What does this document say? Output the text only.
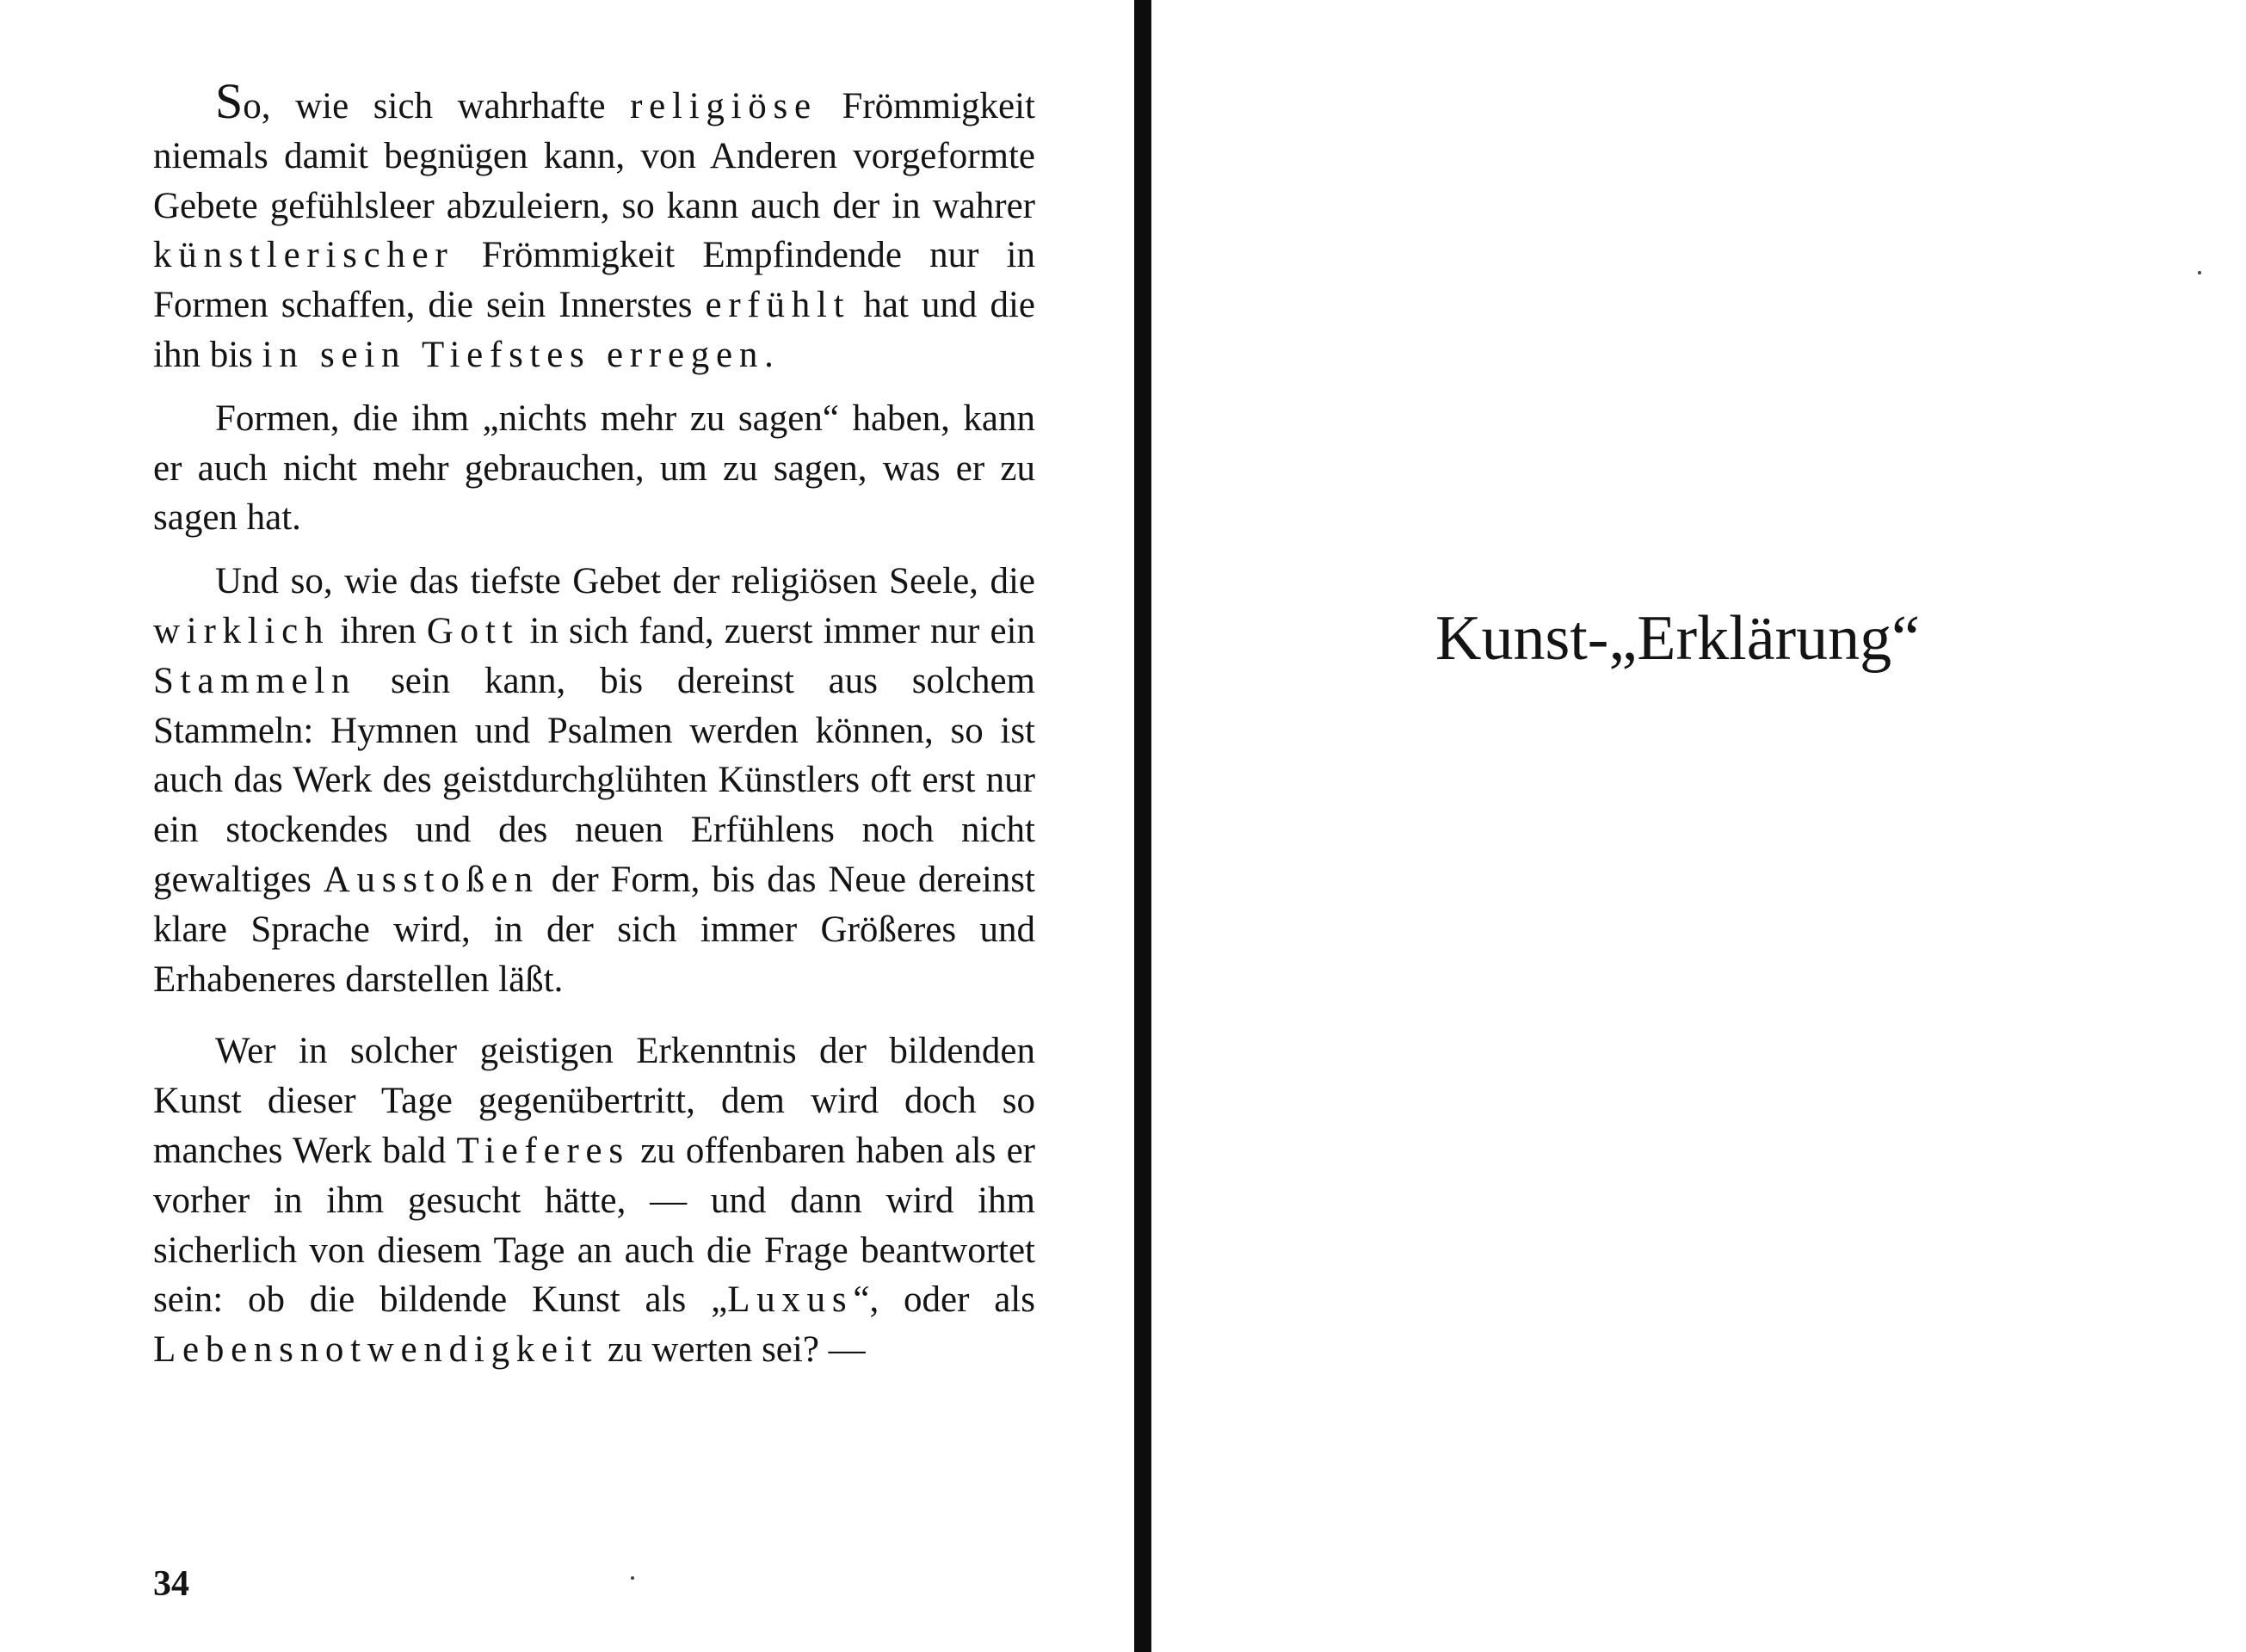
So, wie sich wahrhafte religiöse Frömmigkeit niemals damit begnügen kann, von Anderen vorgeformte Gebete gefühlsleer abzuleiern, so kann auch der in wahrer künstlerischer Frömmigkeit Empfindende nur in Formen schaffen, die sein Innerstes erfühlt hat und die ihn bis in sein Tiefstes erregen.

Formen, die ihm „nichts mehr zu sagen“ haben, kann er auch nicht mehr gebrauchen, um zu sagen, was er zu sagen hat.

Und so, wie das tiefste Gebet der religiösen Seele, die wirklich ihren Gott in sich fand, zuerst immer nur ein Stammeln sein kann, bis dereinst aus solchem Stammeln: Hymnen und Psalmen werden können, so ist auch das Werk des geistdurchglühten Künstlers oft erst nur ein stockendes und des neuen Erfühlens noch nicht gewaltiges Ausstoßen der Form, bis das Neue dereinst klare Sprache wird, in der sich immer Größeres und Erhabeneres darstellen läßt.

Wer in solcher geistigen Erkenntnis der bildenden Kunst dieser Tage gegenübertritt, dem wird doch so manches Werk bald Tieferes zu offenbaren haben als er vorher in ihm gesucht hätte, — und dann wird ihm sicherlich von diesem Tage an auch die Frage beantwortet sein: ob die bildende Kunst als „Luxus“, oder als Lebensnotwendigkeit zu werten sei? —

34
Kunst-„Erklärung“
